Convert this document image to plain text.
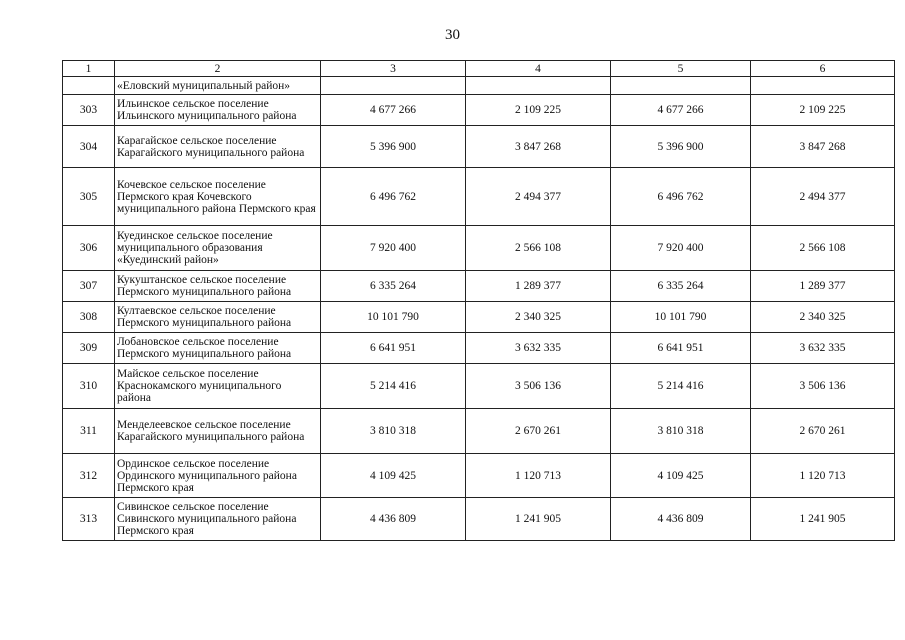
30
1	2	3	4	5	6
	«Еловский муниципальный район»				
303	Ильинское сельское поселение Ильинского муниципального района	4 677 266	2 109 225	4 677 266	2 109 225
304	Карагайское сельское поселение Карагайского муниципального района	5 396 900	3 847 268	5 396 900	3 847 268
305	Кочевское сельское поселение Пермского края Кочевского муниципального района Пермского края	6 496 762	2 494 377	6 496 762	2 494 377
306	Куединское сельское поселение муниципального образования «Куединский район»	7 920 400	2 566 108	7 920 400	2 566 108
307	Кукуштанское сельское поселение Пермского муниципального района	6 335 264	1 289 377	6 335 264	1 289 377
308	Култаевское сельское поселение Пермского муниципального района	10 101 790	2 340 325	10 101 790	2 340 325
309	Лобановское сельское поселение Пермского муниципального района	6 641 951	3 632 335	6 641 951	3 632 335
310	Майское сельское поселение Краснокамского муниципального района	5 214 416	3 506 136	5 214 416	3 506 136
311	Менделеевское сельское поселение Карагайского муниципального района	3 810 318	2 670 261	3 810 318	2 670 261
312	Ординское сельское поселение Ординского муниципального района Пермского края	4 109 425	1 120 713	4 109 425	1 120 713
313	Сивинское сельское поселение Сивинского муниципального района Пермского края	4 436 809	1 241 905	4 436 809	1 241 905
